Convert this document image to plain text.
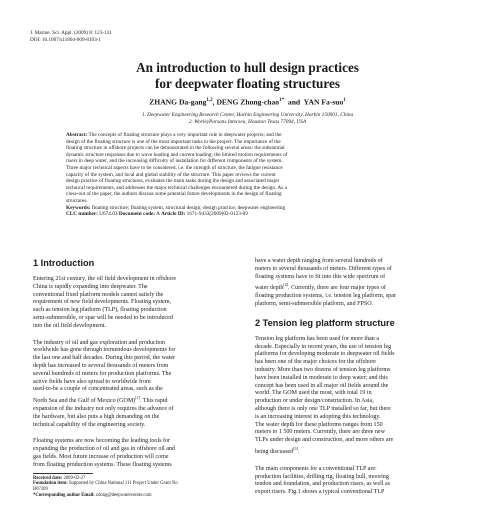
J. Marine. Sci. Appl. (2009) 8: 123-131
DOI: 10.1007/s11804-009-8103-1
An introduction to hull design practices
for deepwater floating structures
ZHANG Da-gang$^{1,2}$, DENG Zhong-chao$^{1*}$ and YAN Fa-suo$^1$
1. Deepwater Engineering Research Center, Harbin Engineering University, Harbin 150001, China
2. WorleyParsons Intecsea, Houston Texas 77094, USA
Abstract: The concepts of floating structure plays a very important role in deepwater projects; and the
design of the floating structure is one of the most important tasks in the project. The importance of the
floating structure in offshore projects can be demonstrated in the following several areas: the substantial
dynamic structure responses due to wave loading and current loading; the limited motion requirements of
risers in deep water, and the increasing difficulty of installation for different components of the system.
Three major technical aspects have to be considered, i.e. the strength of structure, the fatigue resistance
capacity of the system, and local and global stability of the structure. This paper reviews the current
design practice of floating structures, evaluates the main tasks during the design and associated major
technical requirements, and addresses the major technical challenges encountered during the design. As a
close-out of the paper, the authors discuss some potential future developments in the design of floating
structures.
Keywords: floating structure; floating system, structural design; design practice; deepwater engineering
CLC number: U674.03 Document code: A Article ID: 1671-9433(2009)02-0123-09
1 Introduction

Entering 21st century, the oil field development in offshore
China is rapidly expanding into deepwater. The
conventional fixed platform models cannot satisfy the
requirement of new field developments. Floating system,
such as tension leg platform (TLP), floating production
semi-submersible, or spar will be needed to be introduced
into the oil field development.

The industry of oil and gas exploration and production
worldwide has gone through tremendous developments for
the last one and half decades. During this period, the water
depth has increased to several thousands of meters from
several hundreds of meters for production platforms. The
active fields have also spread to worldwide from
used-to-be a couple of concentrated areas, such as the
North Sea and the Gulf of Mexico (GOM)[1]. This rapid
expansion of the industry not only requires the advance of
the hardware, but also puts a high demanding on the
technical capability of the engineering society.

Floating systems are now becoming the leading tools for
expanding the production of oil and gas in offshore oil and
gas fields. Most future increase of production will come
from floating production systems. These floating systems

Received date: 2009-02-27
Foundation item: Supported by China National 111 Project Under Grant No
B07109
*Corresponding author Email: zdong@deepwatercenter.com

have a water depth ranging from several hundreds of
meters to several thousands of meters. Different types of
floating systems have to fit into this wide spectrum of
water depth[2]. Currently, there are four major types of
floating production systems, i.e. tension leg platform, spar
platform, semi-submersible platform, and FPSO.

2 Tension leg platform structure

Tension leg platform has been used for more than a
decade. Especially in recent years, the use of tension leg
platforms for developing moderate to deepwater oil fields
has been one of the major choices for the offshore
industry. More than two dozens of tension leg platforms
have been installed in moderate to deep water; and this
concept has been used in all major oil fields around the
world. The GOM used the most, with total 19 in
production or under design/construction. In Asia,
although there is only one TLP installed so far, but there
is an increasing interest in adopting this technology.
The water depth for these platforms ranges from 150
meters to 1 500 meters. Currently, there are three new
TLPs under design and construction, and more others are
being discussed[3].

The main components for a conventional TLP are:
production facilities, drilling rig, floating hull, mooring
tendon and foundation, and production risers, as well as
export risers. Fig.1 shows a typical conventional TLP
